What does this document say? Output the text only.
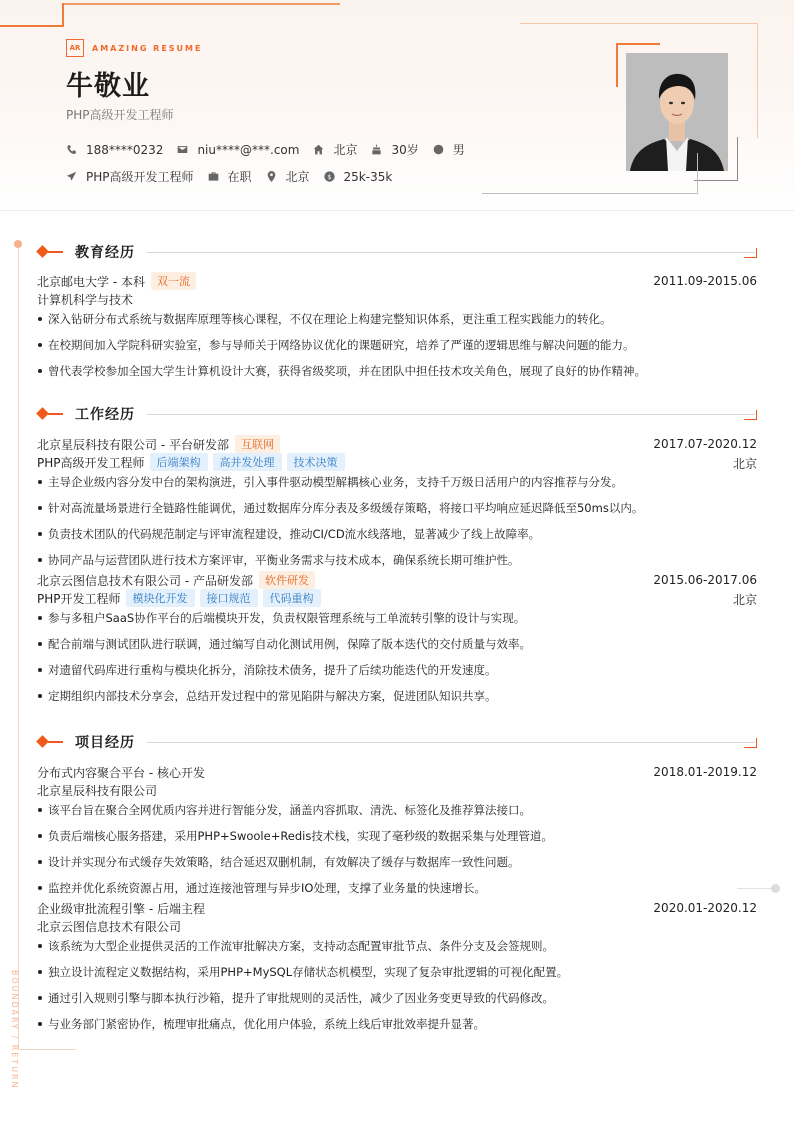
AR	AMAZING RESUME
牛敬业
PHP高级开发工程师
188****0232	niu****@***.com	北京	30岁	男
PHP高级开发工程师	在职	北京 $ 25k-35k
BOUNDARY / RETURN
教育经历
北京邮电大学 - 本科	双一流	2011.09-2015.06
计算机科学与技术
深入钻研分布式系统与数据库原理等核心课程，不仅在理论上构建完整知识体系，更注重工程实践能力的转化。
在校期间加入学院科研实验室，参与导师关于网络协议优化的课题研究，培养了严谨的逻辑思维与解决问题的能力。
曾代表学校参加全国大学生计算机设计大赛，获得省级奖项，并在团队中担任技术攻关角色，展现了良好的协作精神。
工作经历
北京星辰科技有限公司 - 平台研发部	互联网	2017.07-2020.12
PHP高级开发工程师	后端架构	高并发处理	技术决策	北京
主导企业级内容分发中台的架构演进，引入事件驱动模型解耦核心业务，支持千万级日活用户的内容推荐与分发。
针对高流量场景进行全链路性能调优，通过数据库分库分表及多级缓存策略，将接口平均响应延迟降低至50ms以内。
负责技术团队的代码规范制定与评审流程建设，推动CI/CD流水线落地，显著减少了线上故障率。
协同产品与运营团队进行技术方案评审，平衡业务需求与技术成本，确保系统长期可维护性。
北京云图信息技术有限公司 - 产品研发部	软件研发	2015.06-2017.06
PHP开发工程师	模块化开发	接口规范	代码重构	北京
参与多租户SaaS协作平台的后端模块开发，负责权限管理系统与工单流转引擎的设计与实现。
配合前端与测试团队进行联调，通过编写自动化测试用例，保障了版本迭代的交付质量与效率。
对遗留代码库进行重构与模块化拆分，消除技术债务，提升了后续功能迭代的开发速度。
定期组织内部技术分享会，总结开发过程中的常见陷阱与解决方案，促进团队知识共享。
项目经历
分布式内容聚合平台 - 核心开发	2018.01-2019.12
北京星辰科技有限公司
该平台旨在聚合全网优质内容并进行智能分发，涵盖内容抓取、清洗、标签化及推荐算法接口。
负责后端核心服务搭建，采用PHP+Swoole+Redis技术栈，实现了毫秒级的数据采集与处理管道。
设计并实现分布式缓存失效策略，结合延迟双删机制，有效解决了缓存与数据库一致性问题。
监控并优化系统资源占用，通过连接池管理与异步IO处理，支撑了业务量的快速增长。
企业级审批流程引擎 - 后端主程	2020.01-2020.12
北京云图信息技术有限公司
该系统为大型企业提供灵活的工作流审批解决方案，支持动态配置审批节点、条件分支及会签规则。
独立设计流程定义数据结构，采用PHP+MySQL存储状态机模型，实现了复杂审批逻辑的可视化配置。
通过引入规则引擎与脚本执行沙箱，提升了审批规则的灵活性，减少了因业务变更导致的代码修改。
与业务部门紧密协作，梳理审批痛点，优化用户体验，系统上线后审批效率提升显著。
